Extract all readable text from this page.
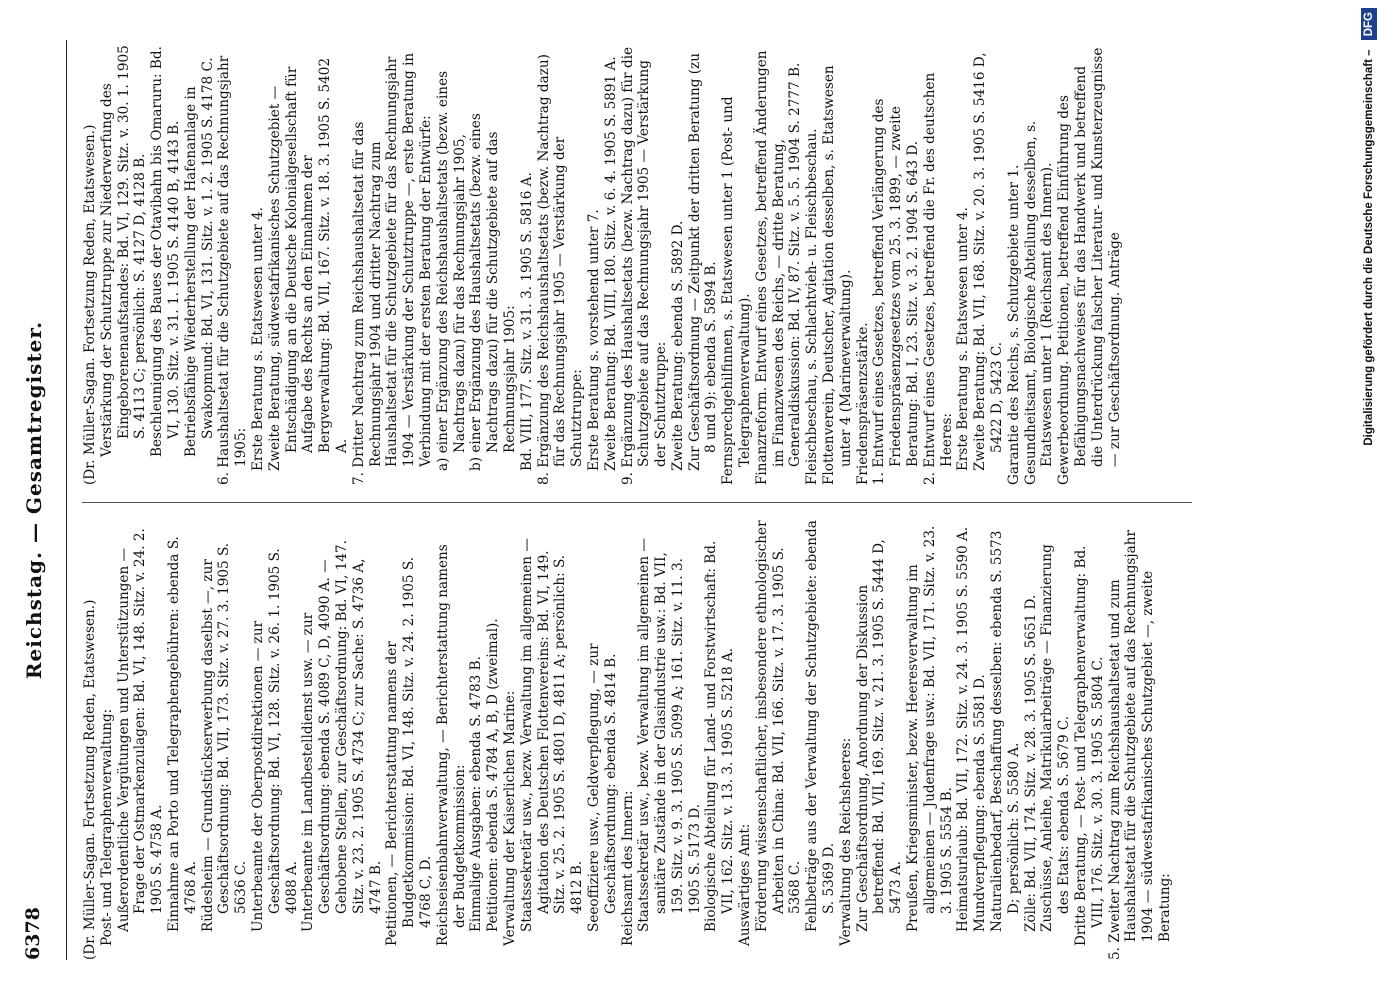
6378
Reichstag. — Gesamtregister.

(Dr. Müller-Sagan. Fortsetzung Reden, Etatswesen.) Post- und Telegraphenverwaltung: Außerordentliche Vergütungen und Unterstützungen — Frage der Ostmarkenzulagen: Bd. VI, 148. Sitz. v. 24. 2. 1905 S. 4758 A. Einnahme an Porto und Telegraphengebühren: ebenda S. 4768 A. Rüdesheim — Grundstückserwerbung daselbst —, zur Geschäftsordnung: Bd. VII, 173. Sitz. v. 27. 3. 1905 S. 5636 C. Unterbeamte der Oberpostdirektionen — zur Geschäftsordnung: Bd. VI, 128. Sitz. v. 26. 1. 1905 S. 4088 A. Unterbeamte im Landbestelldienst usw. — zur Geschäftsordnung: ebenda S. 4089 C, D, 4090 A. — Gehobene Stellen, zur Geschäftsordnung: Bd. VI, 147. Sitz. v. 23. 2. 1905 S. 4734 C; zur Sache: S. 4736 A, 4747 B. Petitionen, — Berichterstattung namens der Budgetkommission: Bd. VI, 148. Sitz. v. 24. 2. 1905 S. 4768 C, D. Reichseisenbahnverwaltung, — Berichterstattung namens der Budgetkommission: Einmalige Ausgaben: ebenda S. 4783 B. Petitionen: ebenda S. 4784 A, B, D (zweimal). Verwaltung der Kaiserlichen Marine: Staatssekretär usw., bezw. Verwaltung im allgemeinen — Agitation des Deutschen Flottenvereins: Bd. VI, 149. Sitz. v. 25. 2. 1905 S. 4801 D, 4811 A; persönlich: S. 4812 B. Seeoffiziere usw., Geldverpflegung, — zur Geschäftsordnung: ebenda S. 4814 B. Reichsamt des Innern: Staatssekretär usw., bezw. Verwaltung im allgemeinen — sanitäre Zustände in der Glasindustrie usw.: Bd. VII, 159. Sitz. v. 9. 3. 1905 S. 5099 A; 161. Sitz. v. 11. 3. 1905 S. 5173 D. Biologische Abteilung für Land- und Forstwirtschaft: Bd. VII, 162. Sitz. v. 13. 3. 1905 S. 5218 A. Auswärtiges Amt: Förderung wissenschaftlicher, insbesondere ethnologischer Arbeiten in China: Bd. VII, 166. Sitz. v. 17. 3. 1905 S. 5368 C. Fehlbeträge aus der Verwaltung der Schutzgebiete: ebenda S. 5369 D. Verwaltung des Reichsheeres: Zur Geschäftsordnung, Anordnung der Diskussion betreffend: Bd. VII, 169. Sitz. v. 21. 3. 1905 S. 5444 D, 5473 A. Preußen, Kriegsminister, bezw. Heeresverwaltung im allgemeinen — Judenfrage usw.: Bd. VII, 171. Sitz. v. 23. 3. 1905 S. 5554 B. Heimatsurlaub: Bd. VII, 172. Sitz. v. 24. 3. 1905 S. 5590 A. Mundverpflegung: ebenda S. 5581 D. Naturalienbedarf, Beschaffung desselben: ebenda S. 5573 D; persönlich: S. 5580 A. Zölle: Bd. VII, 174. Sitz. v. 28. 3. 1905 S. 5651 D. Zuschüsse, Anleihe, Matrikularbeiträge — Finanzierung des Etats: ebenda S. 5679 C. Dritte Beratung, — Post- und Telegraphenverwaltung: Bd. VIII, 176. Sitz. v. 30. 3. 1905 S. 5804 C. 5. Zweiter Nachtrag zum Reichshaushaltsetat und zum Haushaltsetat für die Schutzgebiete auf das Rechnungsjahr 1904 — südwestafrikanisches Schutzgebiet —, zweite Beratung:

(Dr. Müller-Sagan. Fortsetzung Reden, Etatswesen.) Verstärkung der Schutztruppe zur Niederwerfung des Eingeborenenaufstandes: Bd. VI, 129. Sitz. v. 30. 1. 1905 S. 4113 C; persönlich: S. 4127 D, 4128 B. Beschleunigung des Baues der Otavibahn bis Omaruru: Bd. VI, 130. Sitz. v. 31. 1. 1905 S. 4140 B, 4143 B. Betriebsfähige Wiederherstellung der Hafenanlage in Swakopmund: Bd. VI, 131. Sitz. v. 1. 2. 1905 S. 4178 C. 6. Haushaltsetat für die Schutzgebiete auf das Rechnungsjahr 1905: Erste Beratung s. Etatswesen unter 4. Zweite Beratung, südwestafrikanisches Schutzgebiet — Entschädigung an die Deutsche Kolonialgesellschaft für Aufgabe des Rechts an den Einnahmen der Bergverwaltung: Bd. VII, 167. Sitz. v. 18. 3. 1905 S. 5402 A. 7. Dritter Nachtrag zum Reichshaushaltsetat für das Rechnungsjahr 1904 und dritter Nachtrag zum Haushaltsetat für die Schutzgebiete für das Rechnungsjahr 1904 — Verstärkung der Schutztruppe —, erste Beratung in Verbindung mit der ersten Beratung der Entwürfe: a) einer Ergänzung des Reichshaushaltsetats (bezw. eines Nachtrags dazu) für das Rechnungsjahr 1905, b) einer Ergänzung des Haushaltsetats (bezw. eines Nachtrags dazu) für die Schutzgebiete auf das Rechnungsjahr 1905: Bd. VIII, 177. Sitz. v. 31. 3. 1905 S. 5816 A. 8. Ergänzung des Reichshaushaltsetats (bezw. Nachtrag dazu) für das Rechnungsjahr 1905 — Verstärkung der Schutztruppe: Erste Beratung s. vorstehend unter 7. Zweite Beratung: Bd. VIII, 180. Sitz. v. 6. 4. 1905 S. 5891 A. 9. Ergänzung des Haushaltsetats (bezw. Nachtrag dazu) für die Schutzgebiete auf das Rechnungsjahr 1905 — Verstärkung der Schutztruppe: Zweite Beratung: ebenda S. 5892 D. Zur Geschäftsordnung — Zeitpunkt der dritten Beratung (zu 8 und 9): ebenda S. 5894 B. Fernsprechgehilfinnen, s. Etatswesen unter 1 (Post- und Telegraphenverwaltung). Finanzreform. Entwurf eines Gesetzes, betreffend Änderungen im Finanzwesen des Reichs, — dritte Beratung, Generaldiskussion: Bd. IV, 87. Sitz. v. 5. 5. 1904 S. 2777 B. Fleischbeschau, s. Schlachtvieh- u. Fleischbeschau. Flottenverein, Deutscher, Agitation desselben, s. Etatswesen unter 4 (Marineverwaltung). Friedenspräsenzstärke. 1. Entwurf eines Gesetzes, betreffend Verlängerung des Friedenspräsenzgesetzes vom 25. 3. 1899, — zweite Beratung: Bd. I, 23. Sitz. v. 3. 2. 1904 S. 643 D. 2. Entwurf eines Gesetzes, betreffend die Fr. des deutschen Heeres: Erste Beratung s. Etatswesen unter 4. Zweite Beratung: Bd. VII, 168. Sitz. v. 20. 3. 1905 S. 5416 D, 5422 D, 5423 C. Garantie des Reichs, s. Schutzgebiete unter 1. Gesundheitsamt, Biologische Abteilung desselben, s. Etatswesen unter 1 (Reichsamt des Innern). Gewerbeordnung. Petitionen, betreffend Einführung des Befähigungsnachweises für das Handwerk und betreffend die Unterdrückung falscher Literatur- und Kunsterzeugnisse — zur Geschäftsordnung. Anträge	Digitalisierung gefördert durch die Deutsche Forschungsgemeinschaft – DFG
